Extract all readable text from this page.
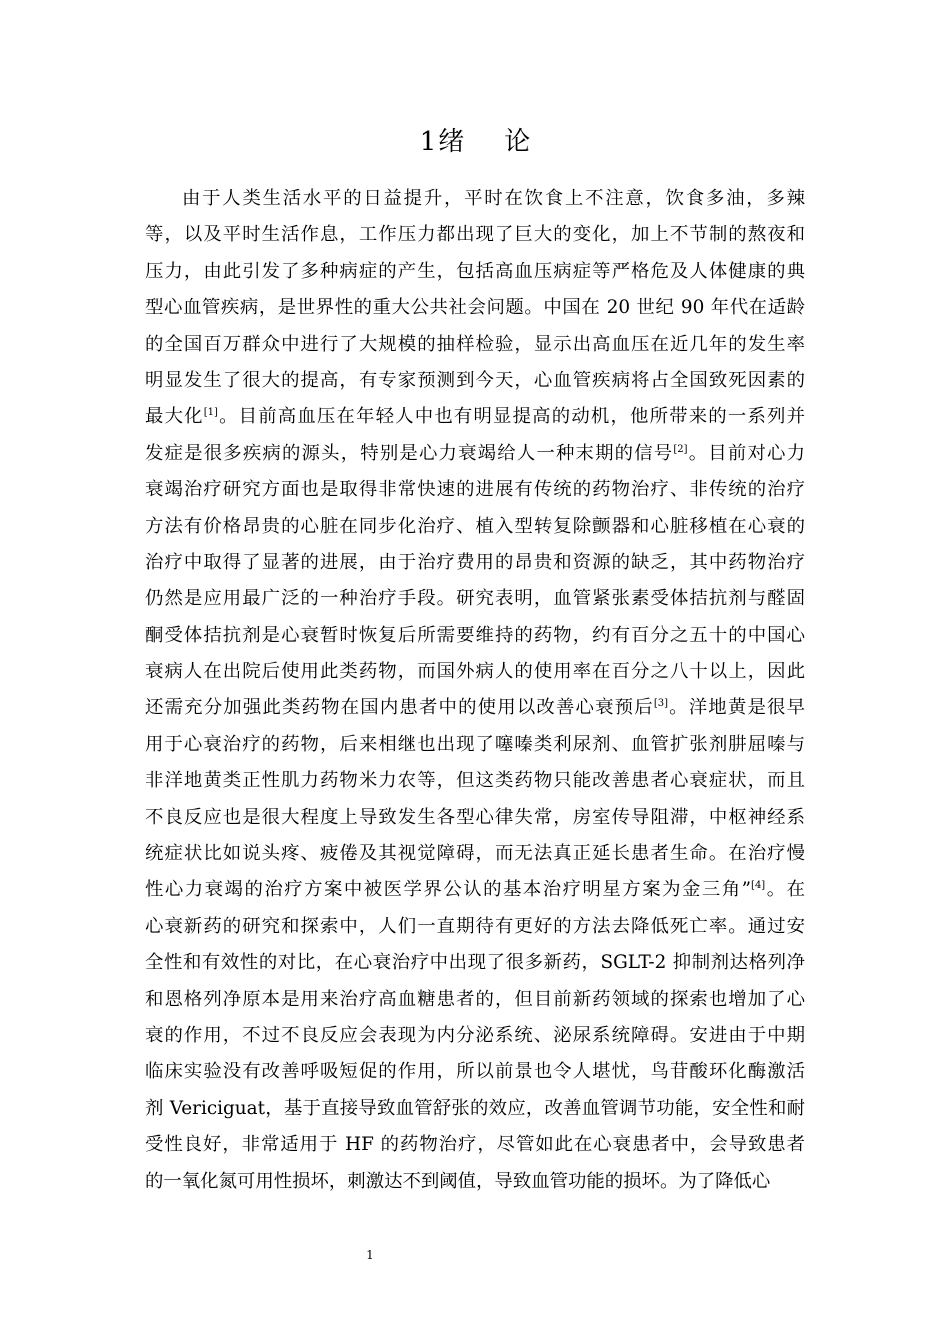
1绪 论
由于人类生活水平的日益提升，平时在饮食上不注意，饮食多油，多辣
等，以及平时生活作息，工作压力都出现了巨大的变化，加上不节制的熬夜和
压力，由此引发了多种病症的产生，包括高血压病症等严格危及人体健康的典
型心血管疾病，是世界性的重大公共社会问题。中国在 20 世纪 90 年代在适龄
的全国百万群众中进行了大规模的抽样检验，显示出高血压在近几年的发生率
明显发生了很大的提高，有专家预测到今天，心血管疾病将占全国致死因素的
最大化[1]。目前高血压在年轻人中也有明显提高的动机，他所带来的一系列并
发症是很多疾病的源头，特别是心力衰竭给人一种末期的信号[2]。目前对心力
衰竭治疗研究方面也是取得非常快速的进展有传统的药物治疗、非传统的治疗
方法有价格昂贵的心脏在同步化治疗、植入型转复除颤器和心脏移植在心衰的
治疗中取得了显著的进展，由于治疗费用的昂贵和资源的缺乏，其中药物治疗
仍然是应用最广泛的一种治疗手段。研究表明，血管紧张素受体拮抗剂与醛固
酮受体拮抗剂是心衰暂时恢复后所需要维持的药物，约有百分之五十的中国心
衰病人在出院后使用此类药物，而国外病人的使用率在百分之八十以上，因此
还需充分加强此类药物在国内患者中的使用以改善心衰预后[3]。洋地黄是很早
用于心衰治疗的药物，后来相继也出现了噻嗪类利尿剂、血管扩张剂肼屈嗪与
非洋地黄类正性肌力药物米力农等，但这类药物只能改善患者心衰症状，而且
不良反应也是很大程度上导致发生各型心律失常，房室传导阻滞，中枢神经系
统症状比如说头疼、疲倦及其视觉障碍，而无法真正延长患者生命。在治疗慢
性心力衰竭的治疗方案中被医学界公认的基本治疗明星方案为金三角”[4]。在
心衰新药的研究和探索中，人们一直期待有更好的方法去降低死亡率。通过安
全性和有效性的对比，在心衰治疗中出现了很多新药，SGLT-2 抑制剂达格列净
和恩格列净原本是用来治疗高血糖患者的，但目前新药领域的探索也增加了心
衰的作用，不过不良反应会表现为内分泌系统、泌尿系统障碍。安进由于中期
临床实验没有改善呼吸短促的作用，所以前景也令人堪忧，鸟苷酸环化酶激活
剂 Vericiguat，基于直接导致血管舒张的效应，改善血管调节功能，安全性和耐
受性良好，非常适用于 HF 的药物治疗，尽管如此在心衰患者中，会导致患者
的一氧化氮可用性损坏，刺激达不到阈值，导致血管功能的损坏。为了降低心
1
